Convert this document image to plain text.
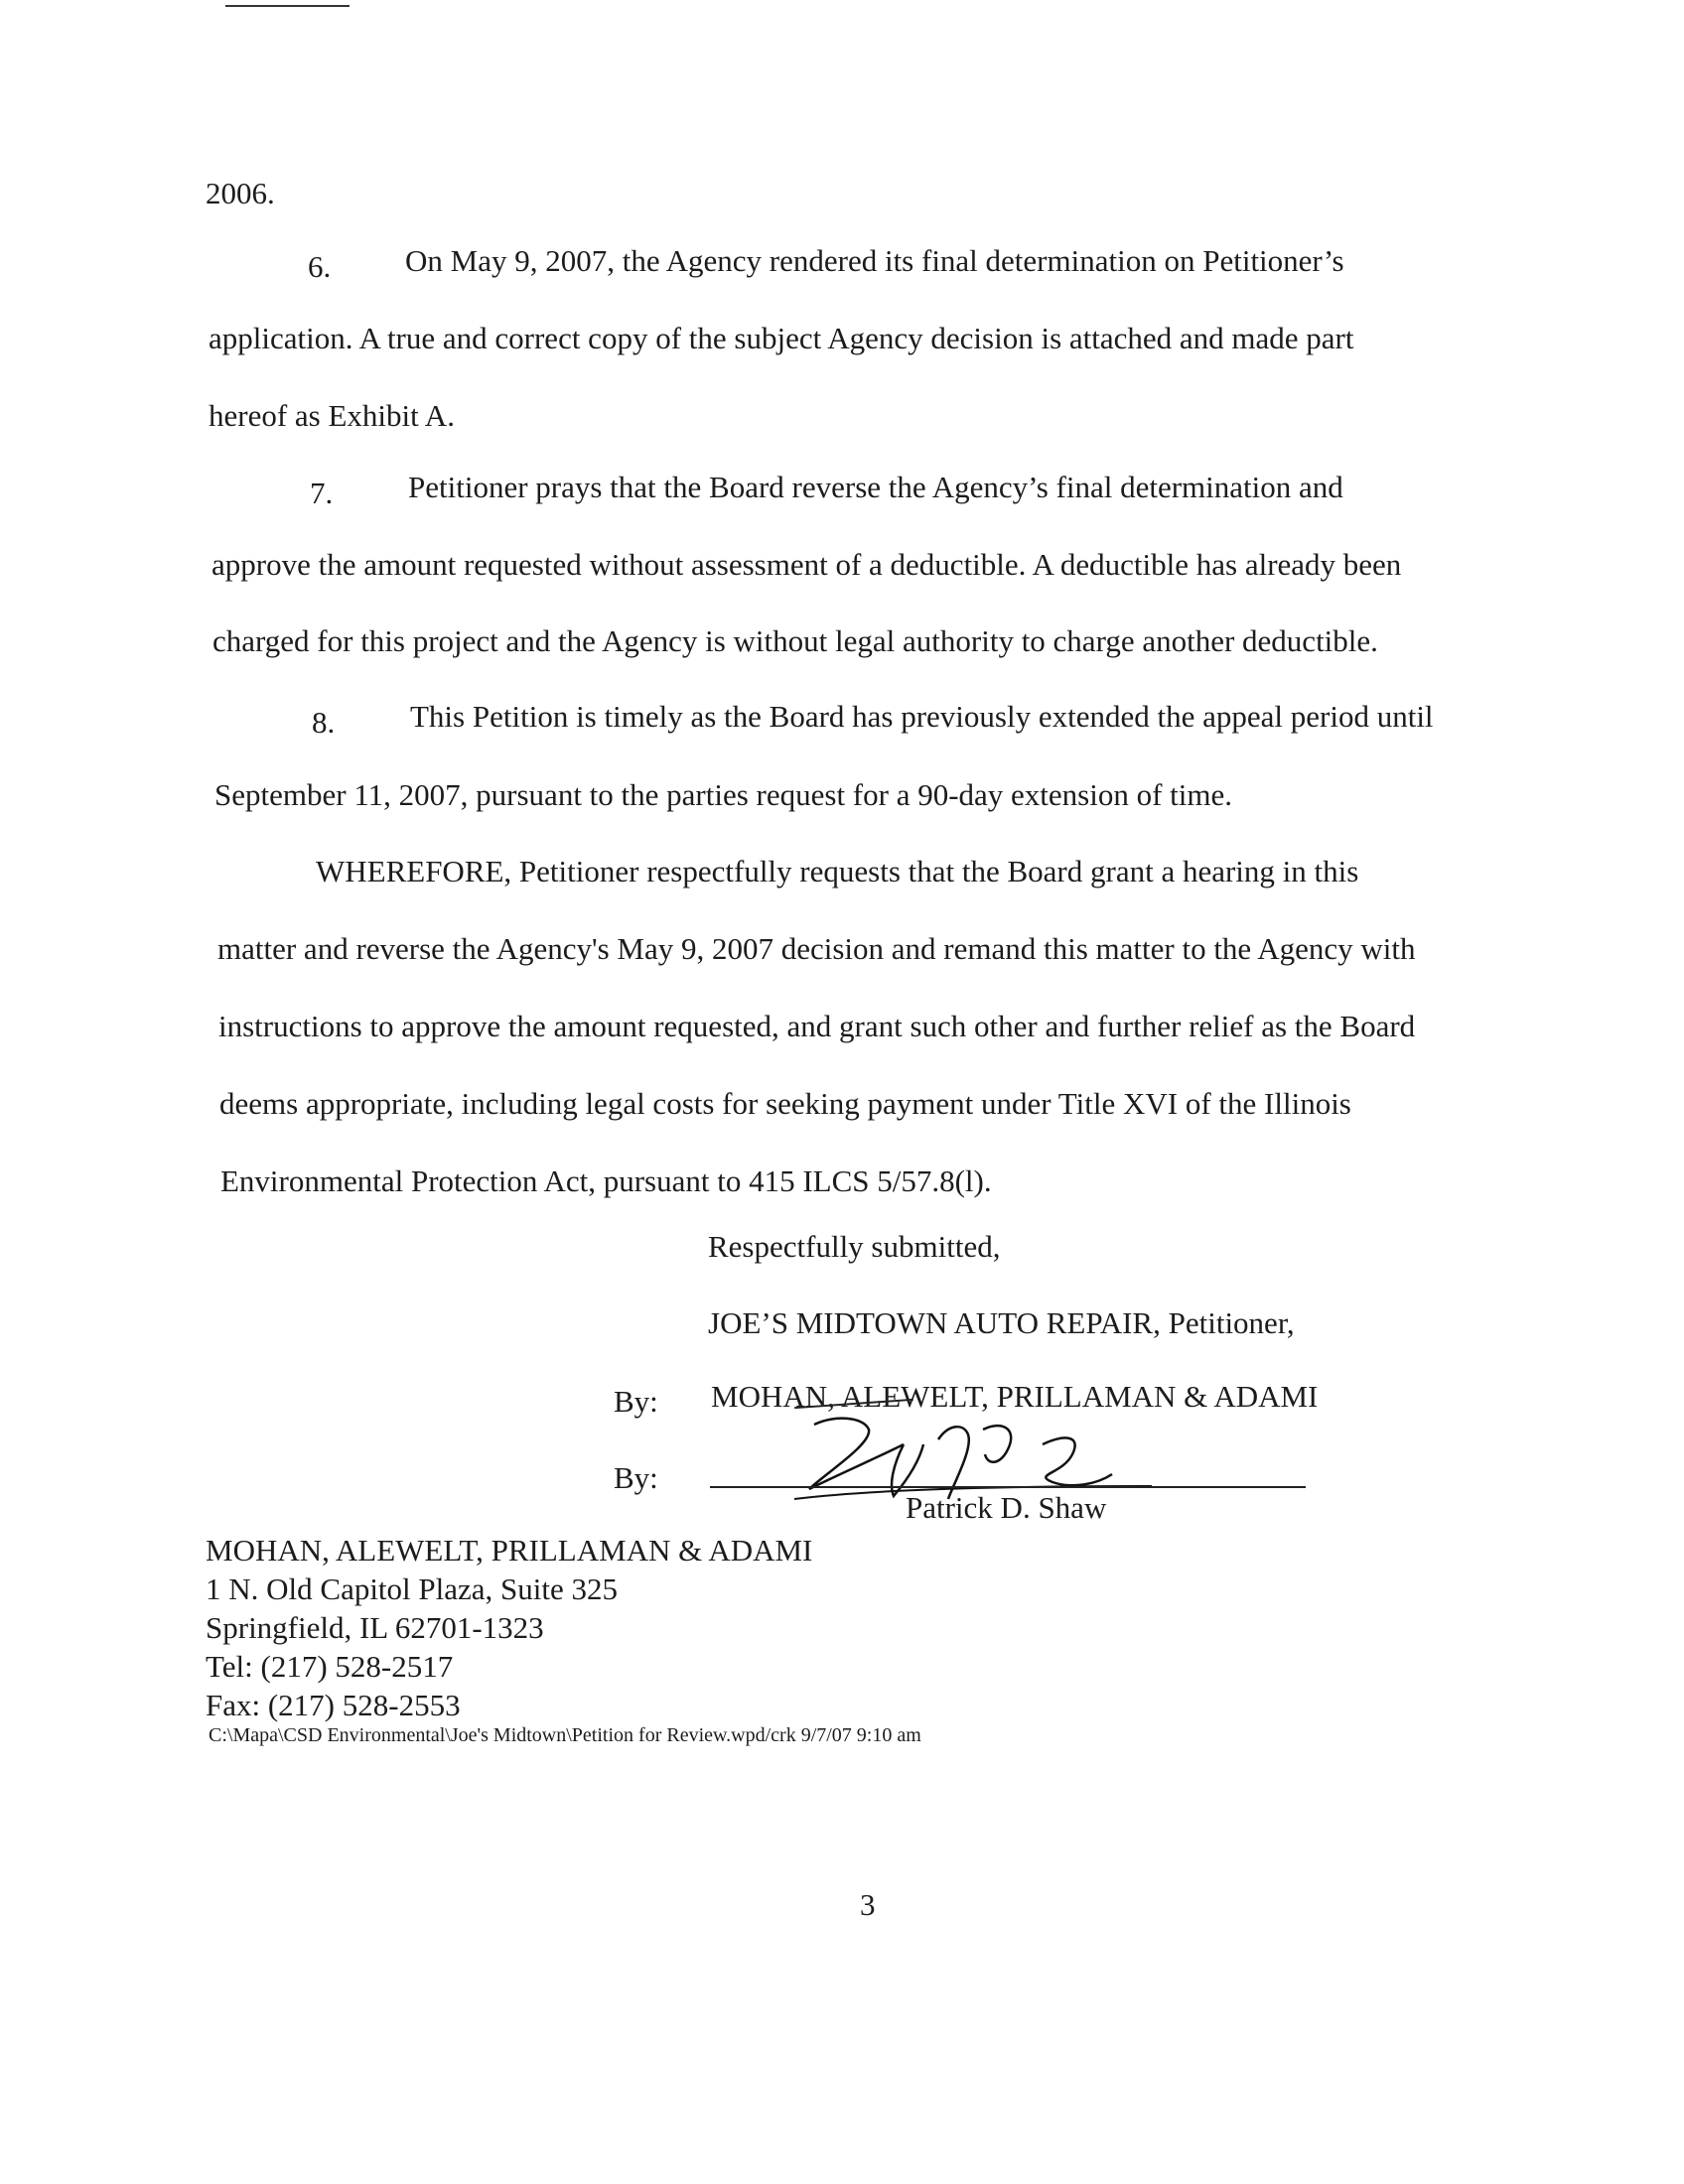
2006.
6. On May 9, 2007, the Agency rendered its final determination on Petitioner’s
application. A true and correct copy of the subject Agency decision is attached and made part
hereof as Exhibit A.
7. Petitioner prays that the Board reverse the Agency’s final determination and
approve the amount requested without assessment of a deductible. A deductible has already been
charged for this project and the Agency is without legal authority to charge another deductible.
8. This Petition is timely as the Board has previously extended the appeal period until
September 11, 2007, pursuant to the parties request for a 90-day extension of time.
WHEREFORE, Petitioner respectfully requests that the Board grant a hearing in this
matter and reverse the Agency's May 9, 2007 decision and remand this matter to the Agency with
instructions to approve the amount requested, and grant such other and further relief as the Board
deems appropriate, including legal costs for seeking payment under Title XVI of the Illinois
Environmental Protection Act, pursuant to 415 ILCS 5/57.8(l).
Respectfully submitted,
JOE’S MIDTOWN AUTO REPAIR, Petitioner,
By: MOHAN, ALEWELT, PRILLAMAN & ADAMI
By:
Patrick D. Shaw
MOHAN, ALEWELT, PRILLAMAN & ADAMI
1 N. Old Capitol Plaza, Suite 325
Springfield, IL 62701-1323
Tel: (217) 528-2517
Fax: (217) 528-2553
C:\Mapa\CSD Environmental\Joe's Midtown\Petition for Review.wpd/crk 9/7/07 9:10 am
3
